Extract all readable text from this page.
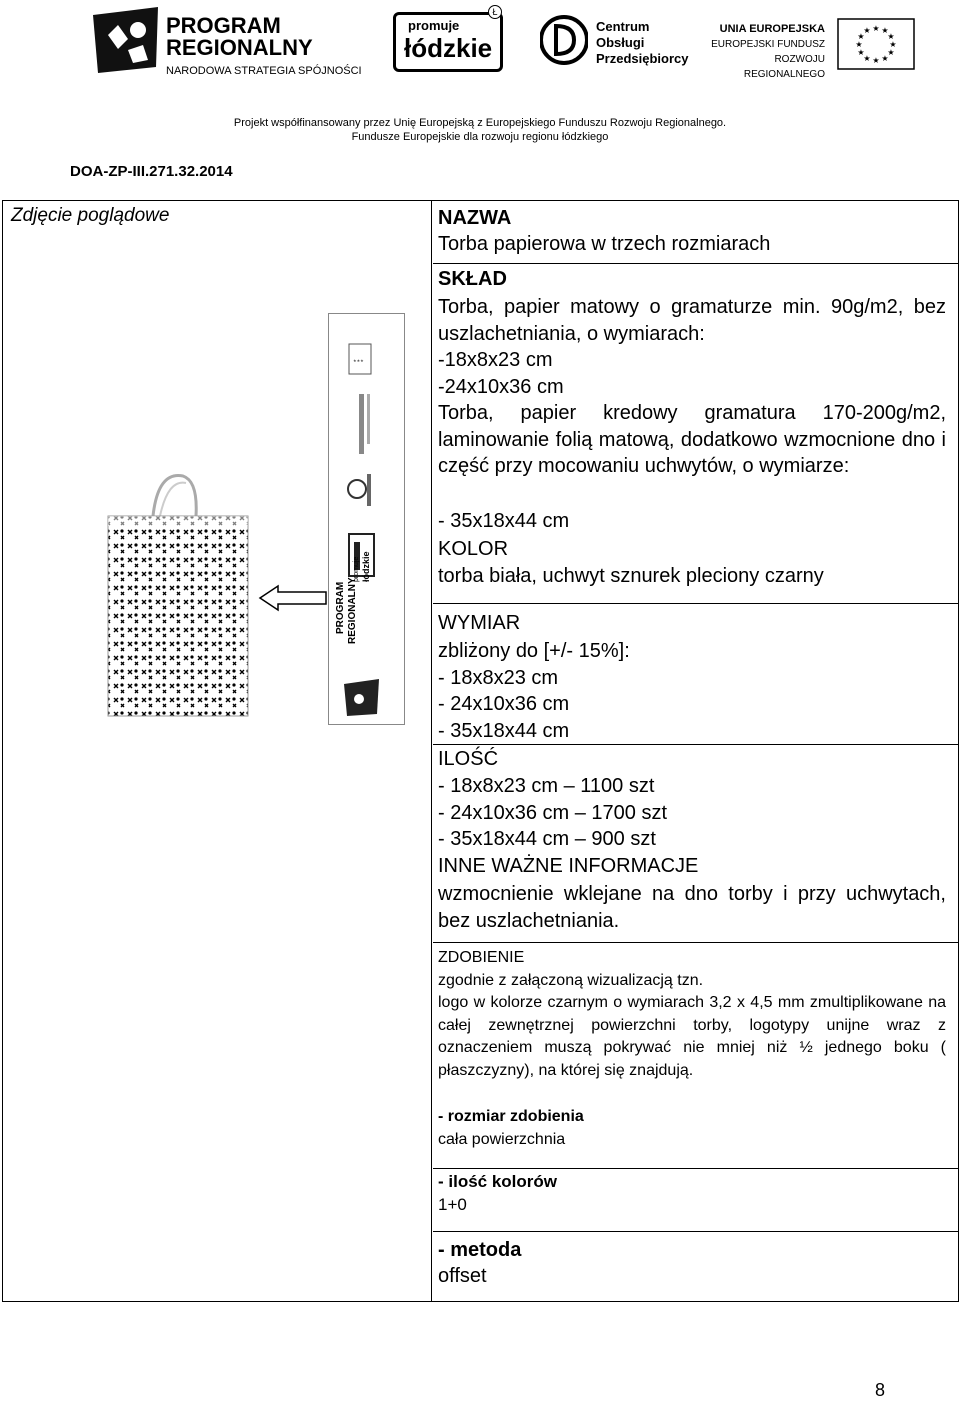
PROGRAM
REGIONALNY
NARODOWA STRATEGIA SPÓJNOŚCI
promuje
łódzkie
Ł
Centrum
Obsługi
Przedsiębiorcy
UNIA EUROPEJSKA
EUROPEJSKI FUNDUSZ
ROZWOJU REGIONALNEGO
★ ★
★
★
★
★
★
★
★
★
★
★
Projekt współfinansowany przez Unię Europejską z Europejskiego Funduszu Rozwoju Regionalnego.
Fundusze Europejskie dla rozwoju regionu łódzkiego
DOA-ZP-III.271.32.2014
Zdjęcie poglądowe
★★★
PROGRAM REGIONALNY
promuje łódzkie
NAZWA
Torba papierowa w trzech rozmiarach
SKŁAD
Torba, papier matowy o gramaturze min. 90g/m2, bez uszlachetniania, o wymiarach:
-18x8x23 cm
-24x10x36 cm
Torba, papier kredowy gramatura 170-200g/m2, laminowanie folią matową, dodatkowo wzmocnione dno i część przy mocowaniu uchwytów, o wymiarze:
- 35x18x44 cm
KOLOR
torba biała, uchwyt sznurek pleciony czarny
WYMIAR
zbliżony do [+/- 15%]:
- 18x8x23 cm
- 24x10x36 cm
- 35x18x44 cm
ILOŚĆ
- 18x8x23 cm – 1100 szt
- 24x10x36 cm – 1700 szt
- 35x18x44 cm – 900 szt
INNE WAŻNE INFORMACJE
wzmocnienie wklejane na dno torby i przy uchwytach, bez uszlachetniania.
ZDOBIENIE
zgodnie z załączoną wizualizacją tzn.
logo w kolorze czarnym o wymiarach 3,2 x 4,5 mm zmultiplikowane na całej zewnętrznej powierzchni torby, logotypy unijne wraz z oznaczeniem muszą pokrywać nie mniej niż ½ jednego boku ( płaszczyzny), na której się znajdują.
- rozmiar zdobienia
cała powierzchnia
- ilość kolorów
1+0
- metoda
offset
8
